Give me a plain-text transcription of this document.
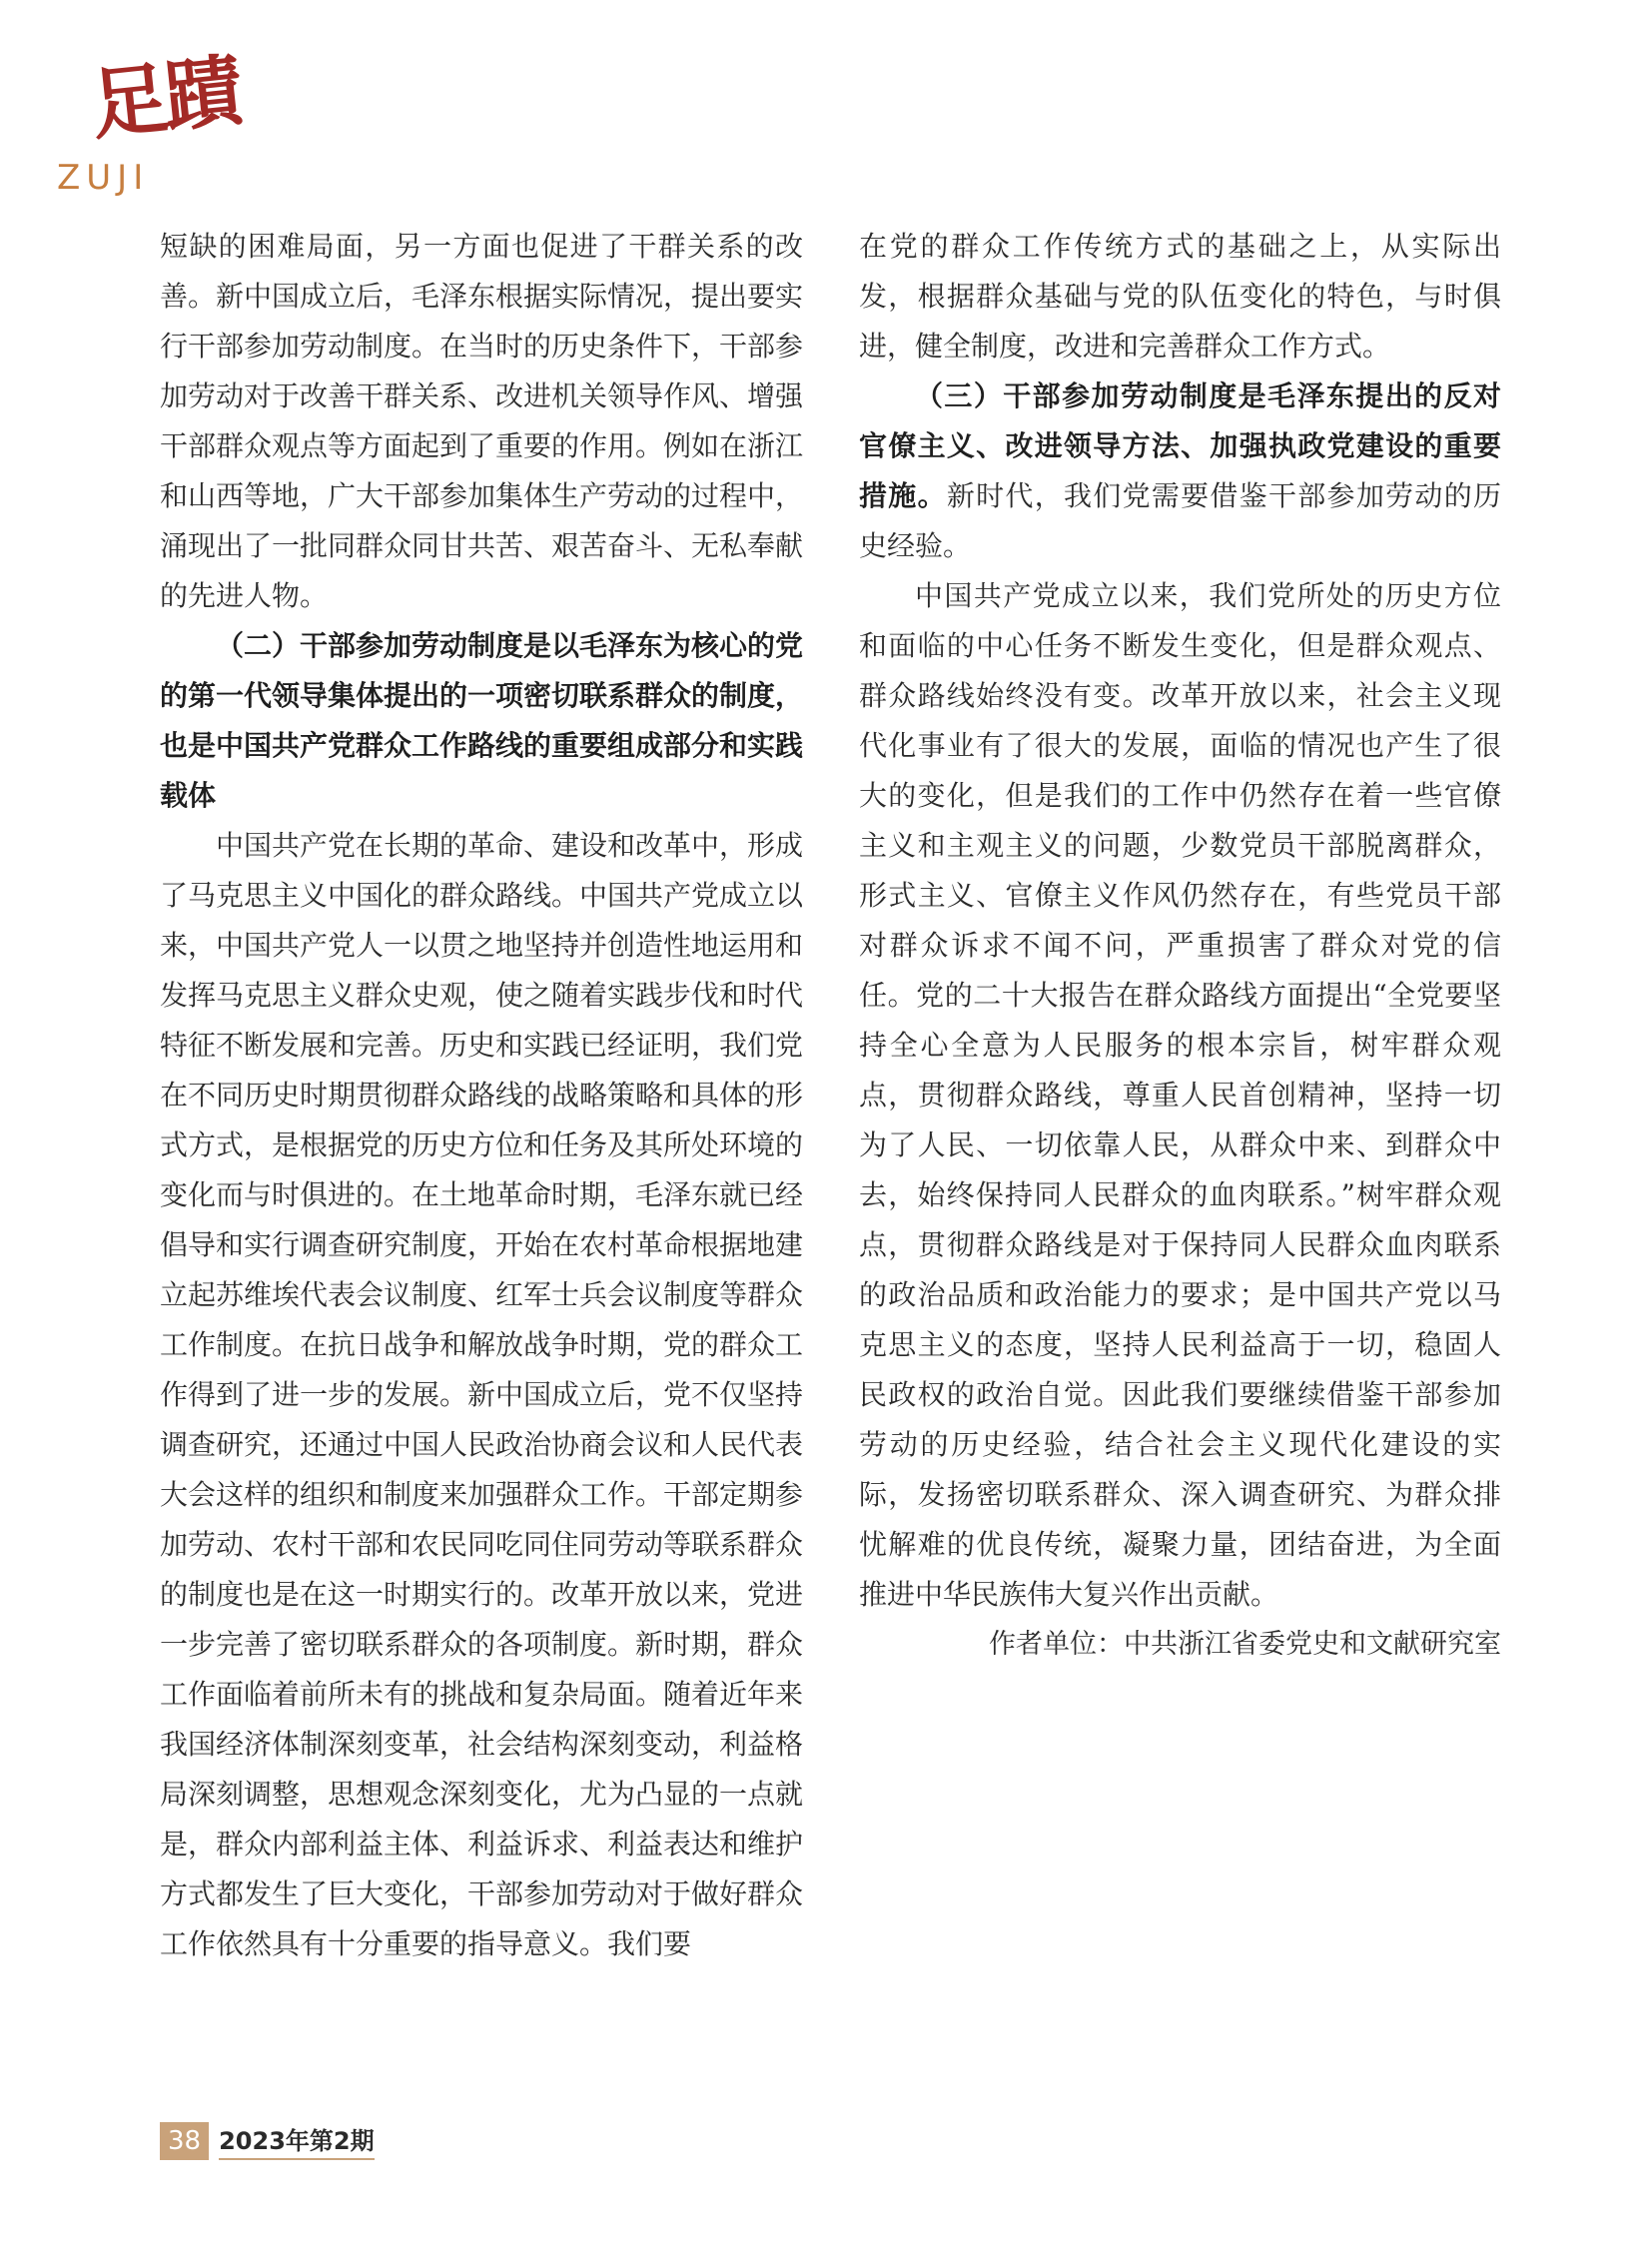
足蹟
ZUJI

短缺的困难局面，另一方面也促进了干群关系的改善。新中国成立后，毛泽东根据实际情况，提出要实行干部参加劳动制度。在当时的历史条件下，干部参加劳动对于改善干群关系、改进机关领导作风、增强干部群众观点等方面起到了重要的作用。例如在浙江和山西等地，广大干部参加集体生产劳动的过程中，涌现出了一批同群众同甘共苦、艰苦奋斗、无私奉献的先进人物。

（二）干部参加劳动制度是以毛泽东为核心的党的第一代领导集体提出的一项密切联系群众的制度，也是中国共产党群众工作路线的重要组成部分和实践载体

中国共产党在长期的革命、建设和改革中，形成了马克思主义中国化的群众路线。中国共产党成立以来，中国共产党人一以贯之地坚持并创造性地运用和发挥马克思主义群众史观，使之随着实践步伐和时代特征不断发展和完善。历史和实践已经证明，我们党在不同历史时期贯彻群众路线的战略策略和具体的形式方式，是根据党的历史方位和任务及其所处环境的变化而与时俱进的。在土地革命时期，毛泽东就已经倡导和实行调查研究制度，开始在农村革命根据地建立起苏维埃代表会议制度、红军士兵会议制度等群众工作制度。在抗日战争和解放战争时期，党的群众工作得到了进一步的发展。新中国成立后，党不仅坚持调查研究，还通过中国人民政治协商会议和人民代表大会这样的组织和制度来加强群众工作。干部定期参加劳动、农村干部和农民同吃同住同劳动等联系群众的制度也是在这一时期实行的。改革开放以来，党进一步完善了密切联系群众的各项制度。新时期，群众工作面临着前所未有的挑战和复杂局面。随着近年来我国经济体制深刻变革，社会结构深刻变动，利益格局深刻调整，思想观念深刻变化，尤为凸显的一点就是，群众内部利益主体、利益诉求、利益表达和维护方式都发生了巨大变化，干部参加劳动对于做好群众工作依然具有十分重要的指导意义。我们要

在党的群众工作传统方式的基础之上，从实际出发，根据群众基础与党的队伍变化的特色，与时俱进，健全制度，改进和完善群众工作方式。

（三）干部参加劳动制度是毛泽东提出的反对官僚主义、改进领导方法、加强执政党建设的重要措施。新时代，我们党需要借鉴干部参加劳动的历史经验。

中国共产党成立以来，我们党所处的历史方位和面临的中心任务不断发生变化，但是群众观点、群众路线始终没有变。改革开放以来，社会主义现代化事业有了很大的发展，面临的情况也产生了很大的变化，但是我们的工作中仍然存在着一些官僚主义和主观主义的问题，少数党员干部脱离群众，形式主义、官僚主义作风仍然存在，有些党员干部对群众诉求不闻不问，严重损害了群众对党的信任。党的二十大报告在群众路线方面提出“全党要坚持全心全意为人民服务的根本宗旨，树牢群众观点，贯彻群众路线，尊重人民首创精神，坚持一切为了人民、一切依靠人民，从群众中来、到群众中去，始终保持同人民群众的血肉联系。”树牢群众观点，贯彻群众路线是对于保持同人民群众血肉联系的政治品质和政治能力的要求；是中国共产党以马克思主义的态度，坚持人民利益高于一切，稳固人民政权的政治自觉。因此我们要继续借鉴干部参加劳动的历史经验，结合社会主义现代化建设的实际，发扬密切联系群众、深入调查研究、为群众排忧解难的优良传统，凝聚力量，团结奋进，为全面推进中华民族伟大复兴作出贡献。

作者单位：中共浙江省委党史和文献研究室

38 2023年第2期
